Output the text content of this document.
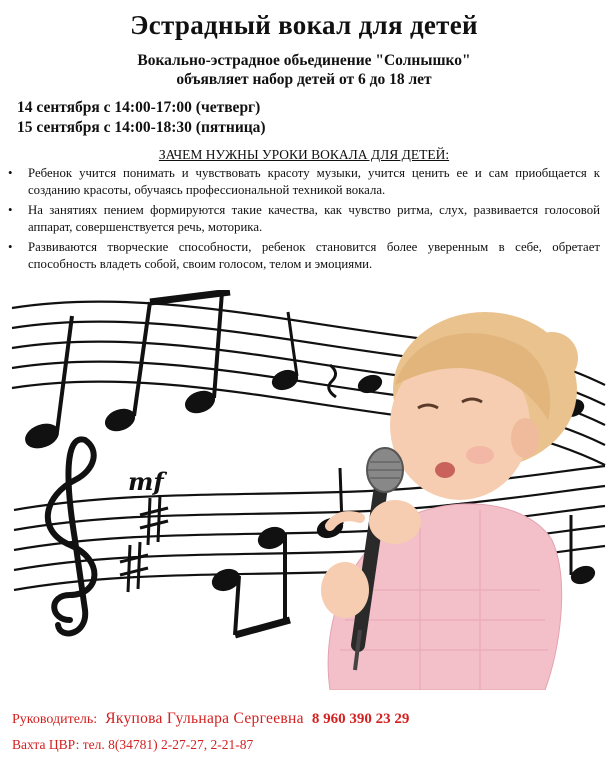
Эстрадный вокал для детей
Вокально-эстрадное обьединение "Солнышко"
объявляет набор детей от 6 до 18 лет
14 сентября с 14:00-17:00 (четверг)
15 сентября с 14:00-18:30 (пятница)
ЗАЧЕМ НУЖНЫ УРОКИ ВОКАЛА ДЛЯ ДЕТЕЙ:
• Ребенок учится понимать и чувствовать красоту музыки, учится ценить ее и сам приобщается к созданию красоты, обучаясь профессиональной техникой вокала.
• На занятиях пением формируются такие качества, как чувство ритма, слух, развивается голосовой аппарат, совершенствуется речь, моторика.
• Развиваются творческие способности, ребенок становится более уверенным в себе, обретает способность владеть собой, своим голосом, телом и эмоциями.
mf
Руководитель: Якупова Гульнара Сергеевна 8 960 390 23 29
Вахта ЦВР: тел. 8(34781) 2-27-27, 2-21-87
